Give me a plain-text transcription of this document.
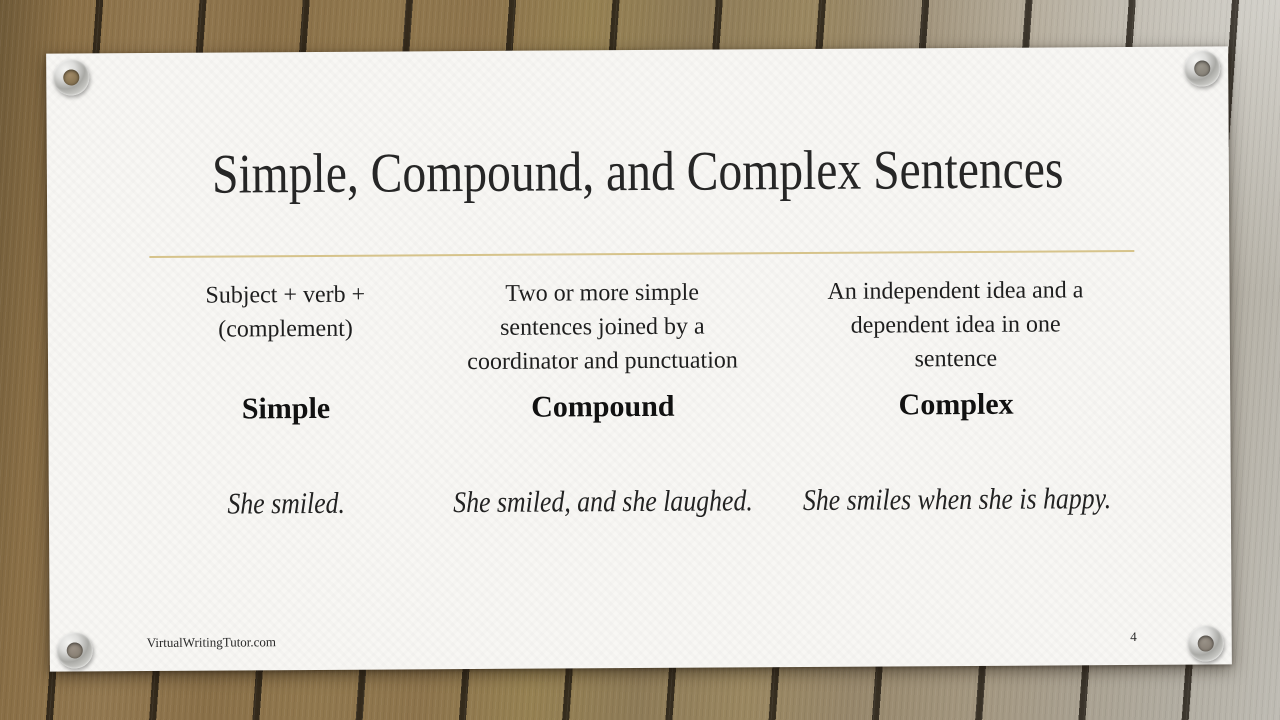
Simple, Compound, and Complex Sentences
Subject + verb + (complement)
Simple
She smiled.
Two or more simple sentences joined by a coordinator and punctuation
Compound
She smiled, and she laughed.
An independent idea and a dependent idea in one sentence
Complex
She smiles when she is happy.
VirtualWritingTutor.com	4
